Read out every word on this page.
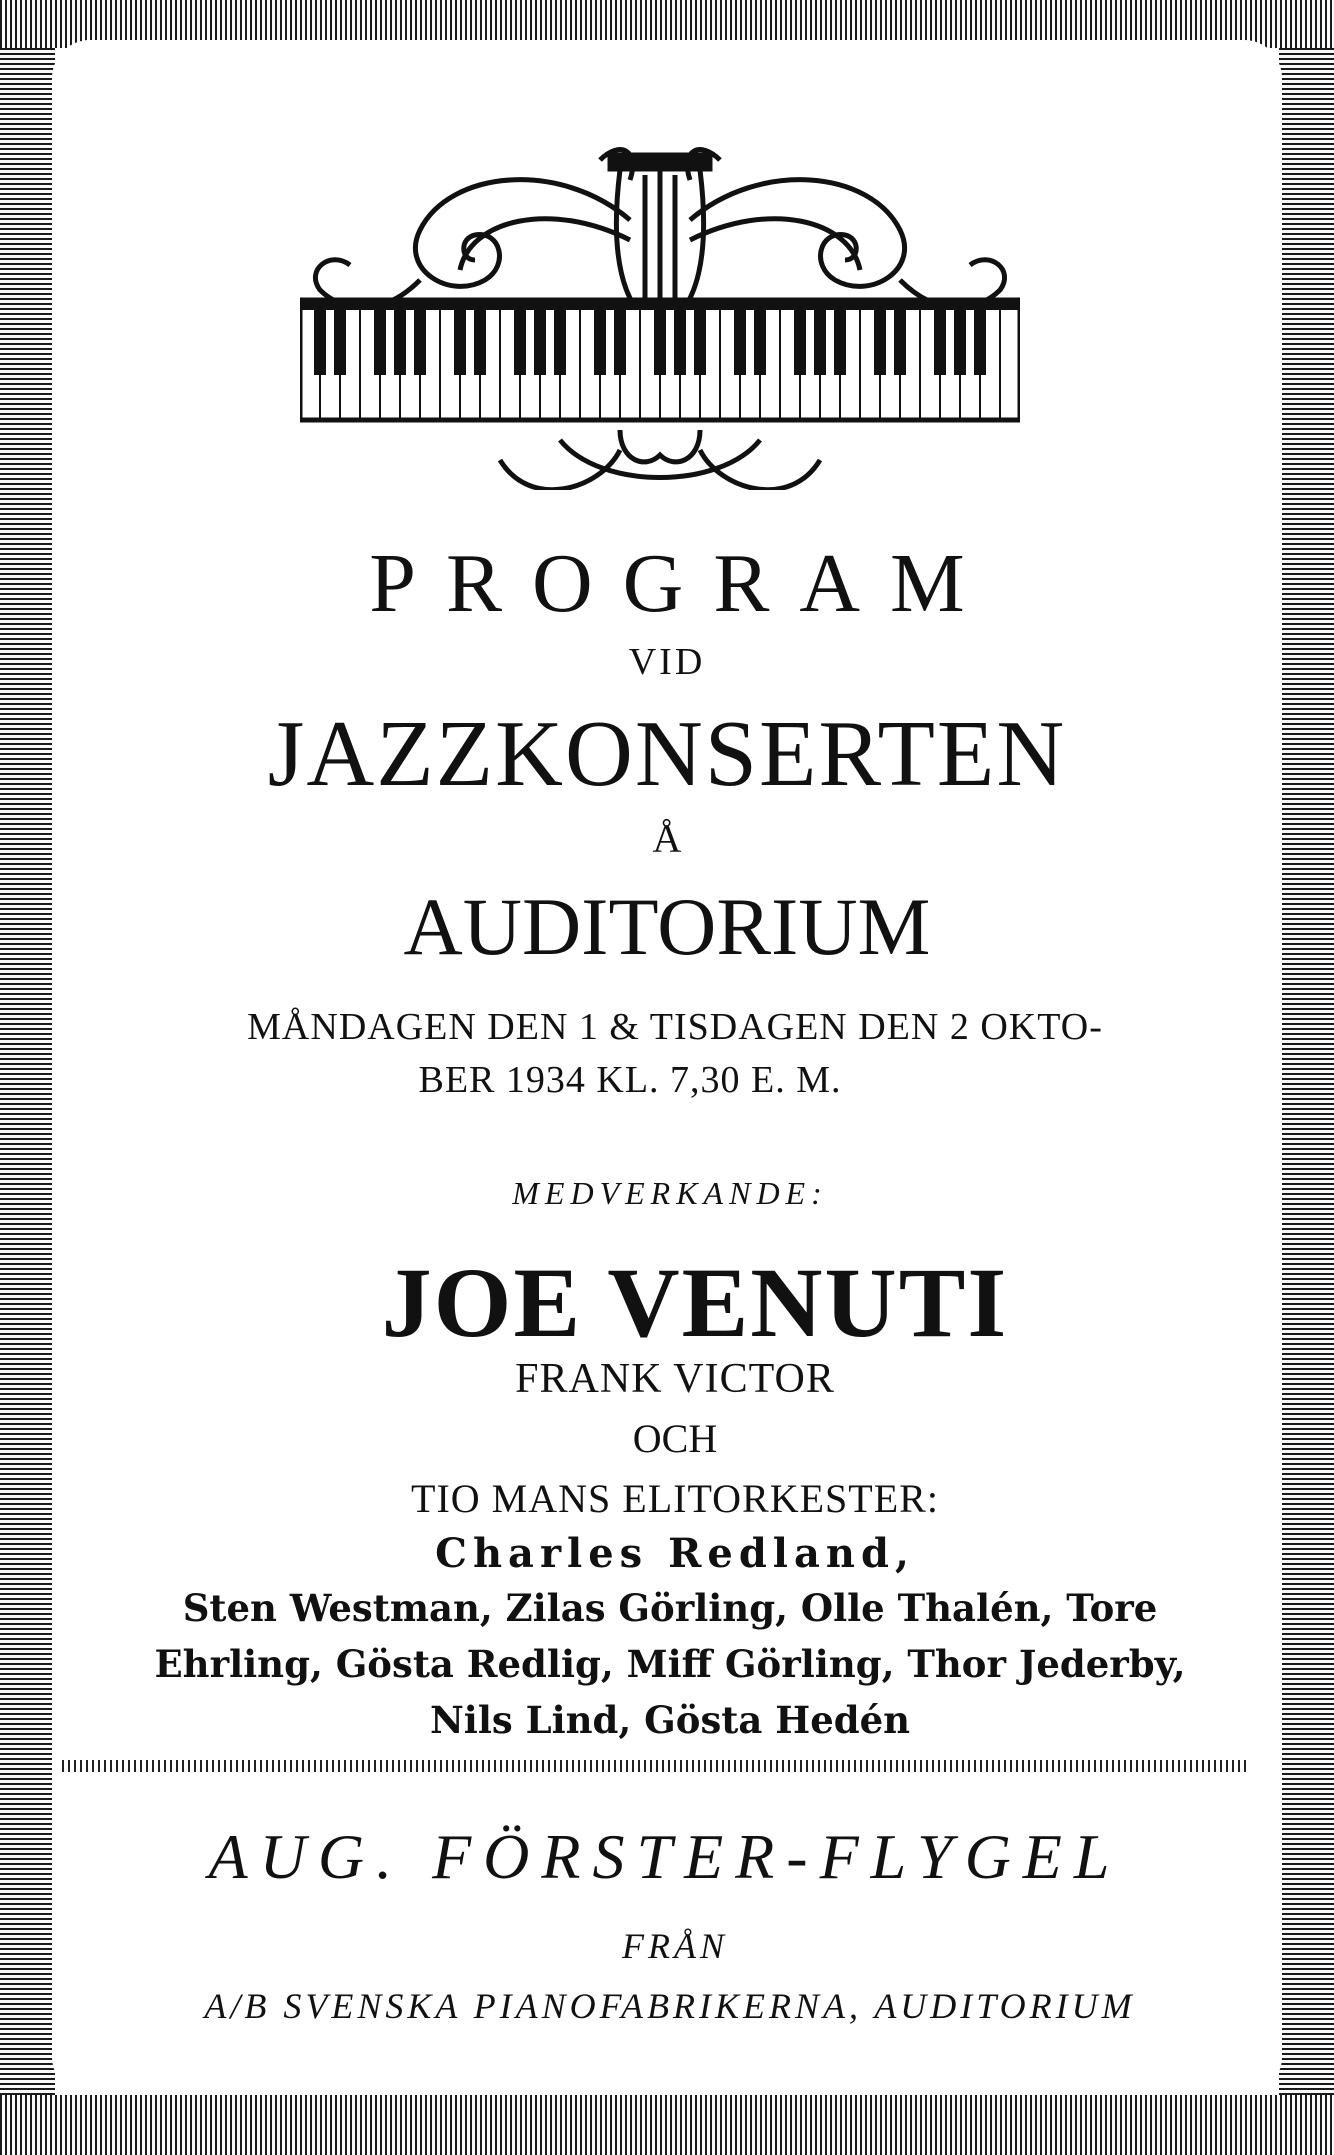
PROGRAM
VID
JAZZKONSERTEN
Å
AUDITORIUM
MÅNDAGEN DEN 1 & TISDAGEN DEN 2 OKTO-
BER 1934 KL. 7,30 E. M.
MEDVERKANDE:
JOE VENUTI
FRANK VICTOR
OCH
TIO MANS ELITORKESTER:
Charles Redland,
Sten Westman, Zilas Görling, Olle Thalén, Tore
Ehrling, Gösta Redlig, Miff Görling, Thor Jederby,
Nils Lind, Gösta Hedén
AUG. FÖRSTER-FLYGEL
FRÅN
A/B SVENSKA PIANOFABRIKERNA, AUDITORIUM
